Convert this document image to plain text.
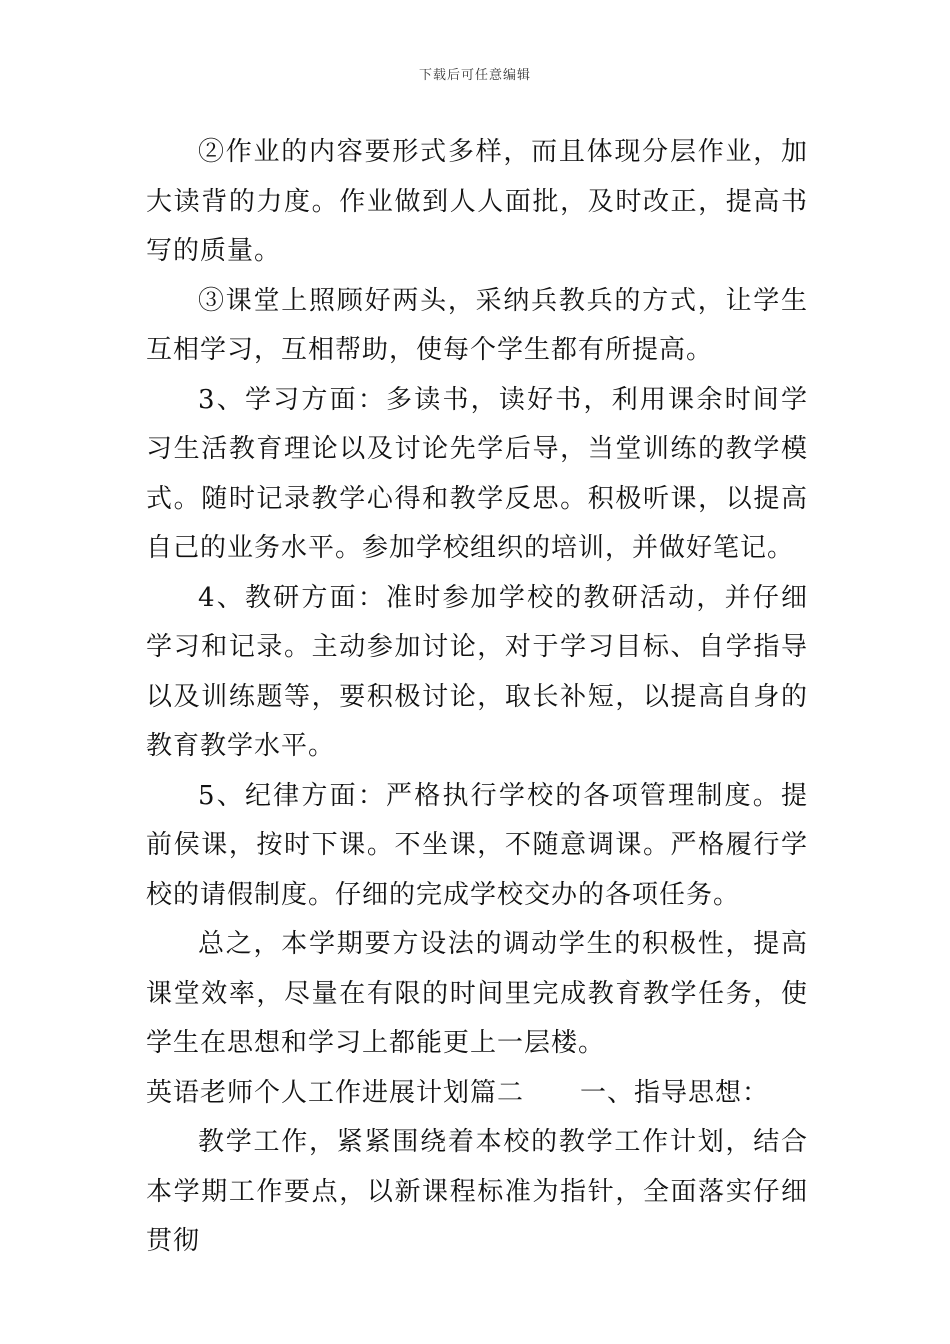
下载后可任意编辑

②作业的内容要形式多样，而且体现分层作业，加大读背的力度。作业做到人人面批，及时改正，提高书写的质量。

③课堂上照顾好两头，采纳兵教兵的方式，让学生互相学习，互相帮助，使每个学生都有所提高。

3、学习方面：多读书，读好书，利用课余时间学习生活教育理论以及讨论先学后导，当堂训练的教学模式。随时记录教学心得和教学反思。积极听课，以提高自己的业务水平。参加学校组织的培训，并做好笔记。

4、教研方面：准时参加学校的教研活动，并仔细学习和记录。主动参加讨论，对于学习目标、自学指导以及训练题等，要积极讨论，取长补短，以提高自身的教育教学水平。

5、纪律方面：严格执行学校的各项管理制度。提前侯课，按时下课。不坐课，不随意调课。严格履行学校的请假制度。仔细的完成学校交办的各项任务。

总之，本学期要方设法的调动学生的积极性，提高课堂效率，尽量在有限的时间里完成教育教学任务，使学生在思想和学习上都能更上一层楼。

英语老师个人工作进展计划篇二 一、指导思想：

教学工作，紧紧围绕着本校的教学工作计划，结合本学期工作要点，以新课程标准为指针，全面落实仔细贯彻
